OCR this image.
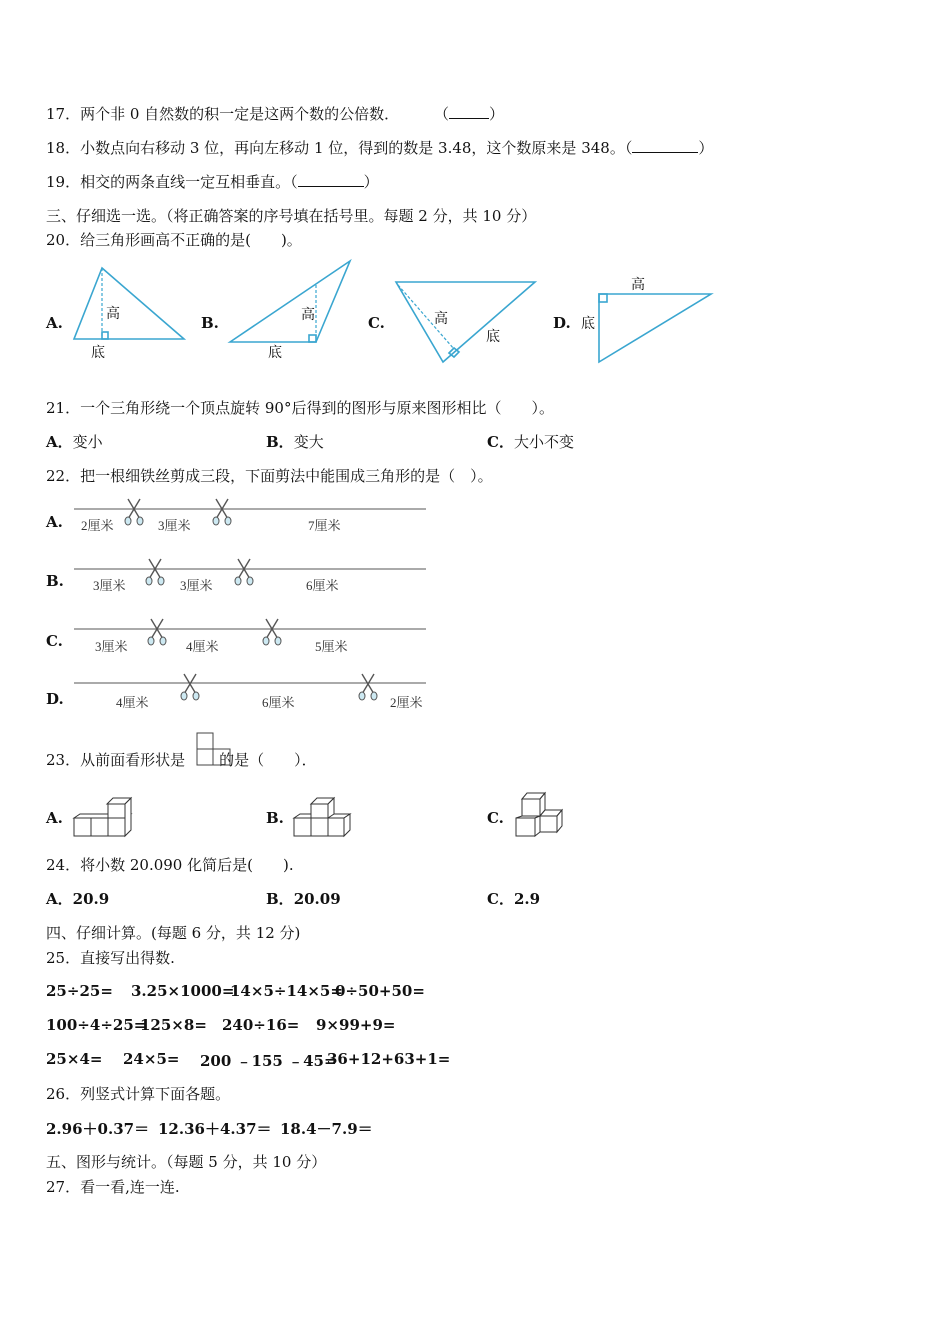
17．两个非 0 自然数的积一定是这两个数的公倍数． （	）
18．小数点向右移动 3 位，再向左移动 1 位，得到的数是 3.48，这个数原来是 348。（	）
19．相交的两条直线一定互相垂直。（	）
三、仔细选一选。（将正确答案的序号填在括号里。每题 2 分，共 10 分）
20．给三角形画高不正确的是(　　)。
A.	高
底
B.	高
底
C.	高
底
D.
高
底
21．一个三角形绕一个顶点旋转 90°后得到的图形与原来图形相比（　　）。
A．变小	B．变大	C．大小不变
22．把一根细铁丝剪成三段，下面剪法中能围成三角形的是（　）。
A. 2厘米	3厘米	7厘米
B. 3厘米	3厘米	6厘米
C. 3厘米	4厘米	5厘米
D.	4厘米	6厘米	2厘米
23．从前面看形状是 的是（　　）．
A.	B.	C.
24．将小数 20.090 化简后是(　　).
A．20.9	B．20.09	C．2.9
四、仔细计算。(每题 6 分，共 12 分)
25．直接写出得数.
25÷25= 3.25×1000=
14×5÷14×5=
0÷50+50=
100÷4÷25=
125×8= 240÷16= 9×99+9=
25×4= 24×5= 200 ﹣155 ﹣45=
36+12+63+1=
26．列竖式计算下面各题。
2.96＋0.37＝ 12.36＋4.37＝ 18.4－7.9＝
五、图形与统计。（每题 5 分，共 10 分）
27．看一看,连一连.
